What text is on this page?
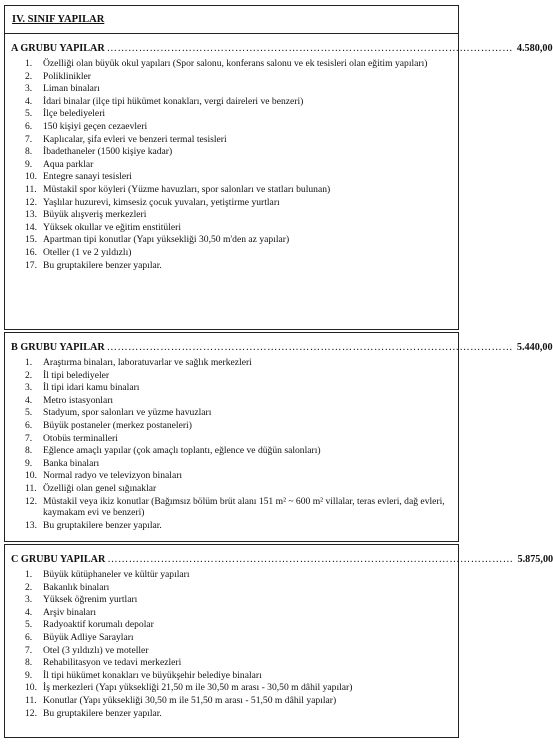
IV. SINIF YAPILAR

A GRUBU YAPILAR …………………………………………………………………………………………………… 4.580,00
1.	Özelliği olan büyük okul yapıları (Spor salonu, konferans salonu ve ek tesisleri olan eğitim yapıları)
2.	Poliklinikler
3.	Liman binaları
4.	İdari binalar (ilçe tipi hükümet konakları, vergi daireleri ve benzeri)
5.	İlçe belediyeleri
6.	150 kişiyi geçen cezaevleri
7.	Kaplıcalar, şifa evleri ve benzeri termal tesisleri
8.	İbadethaneler (1500 kişiye kadar)
9.	Aqua parklar
10. Entegre sanayi tesisleri
11. Müstakil spor köyleri (Yüzme havuzları, spor salonları ve statları bulunan)
12. Yaşlılar huzurevi, kimsesiz çocuk yuvaları, yetiştirme yurtları
13. Büyük alışveriş merkezleri
14. Yüksek okullar ve eğitim enstitüleri
15. Apartman tipi konutlar (Yapı yüksekliği 30,50 m'den az yapılar)
16. Oteller (1 ve 2 yıldızlı)
17. Bu gruptakilere benzer yapılar.

B GRUBU YAPILAR …………………………………………………………………………………………………… 5.440,00
1.	Araştırma binaları, laboratuvarlar ve sağlık merkezleri
2.	İl tipi belediyeler
3.	İl tipi idari kamu binaları
4.	Metro istasyonları
5.	Stadyum, spor salonları ve yüzme havuzları
6.	Büyük postaneler (merkez postaneleri)
7.	Otobüs terminalleri
8.	Eğlence amaçlı yapılar (çok amaçlı toplantı, eğlence ve düğün salonları)
9.	Banka binaları
10. Normal radyo ve televizyon binaları
11. Özelliği olan genel sığınaklar
12. Müstakil veya ikiz konutlar (Bağımsız bölüm brüt alanı 151 m² ~ 600 m² villalar, teras evleri, dağ evleri, kaymakam evi ve benzeri)
13. Bu gruptakilere benzer yapılar.

C GRUBU YAPILAR …………………………………………………………………………………………………… 5.875,00
1.	Büyük kütüphaneler ve kültür yapıları
2.	Bakanlık binaları
3.	Yüksek öğrenim yurtları
4.	Arşiv binaları
5.	Radyoaktif korumalı depolar
6.	Büyük Adliye Sarayları
7.	Otel (3 yıldızlı) ve moteller
8.	Rehabilitasyon ve tedavi merkezleri
9.	İl tipi hükümet konakları ve büyükşehir belediye binaları
10. İş merkezleri (Yapı yüksekliği 21,50 m ile 30,50 m arası - 30,50 m dâhil yapılar)
11. Konutlar (Yapı yüksekliği 30,50 m ile 51,50 m arası - 51,50 m dâhil yapılar)
12. Bu gruptakilere benzer yapılar.
